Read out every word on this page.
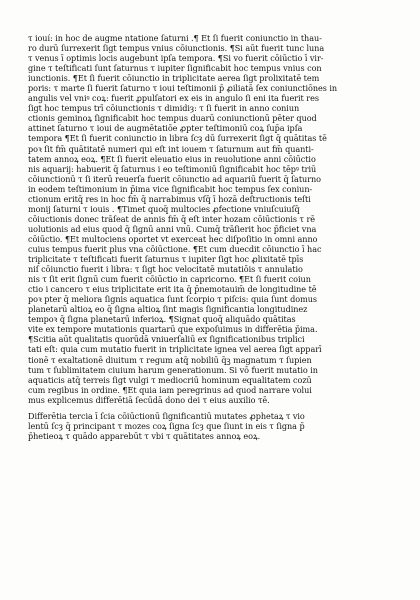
τ iouí: in hoc de augme ntatione ſaturni .¶ Et ſi fuerit coniunctio in thau-
ro durū ſurrexerit ſigt̄ tempus vnius cōiunctionis. ¶Si aūt fuerit tunc luna
τ venus ī optimis locis augebunt̄ ipſa tempora. ¶Si vo fuerit cōiūctio ī vir-
gine τ teſtificati ſunt ſaturnus τ iupiter ſignificabit hoc tempus vnius con
iunctionis. ¶Et ſi fuerit cōiunctio in triplicitate aerea ſigt̄ prolixitatē tem
poris: τ marte ſi fuerit ſaturno τ ioui teſtimonii p̄ ꝓiliatā ſex coniunctiōnes in
angulis vel vniꝰ coꝝ: fuerit ꝓpulſatori ex eis in angulo ſi eni ita fuerit res
ſigt̄ hoc tempus trī cōiunctionis τ dimidiȝ: τ ſi fuerit in anno coniun
ctionis geminoꝝ ſignificabit hoc tempus duarū coniunctionū pēter quod
attinet ſaturno τ ioui de augmētatiōe ꝓpter teſtimoniū coꝝ ſup̄a ipſa
tempora ¶Et ſi fuerit coniunctio in libra ſcȝ dū ſurrexerit ſigt̄ q̄ quātitas tē
poꝛ ſit fm̄ quātitatē numeri qui eſt int̄ iouem τ ſaturnum aut fm̄ quanti-
tatem annoꝝ eoꝝ. ¶Et ſi fuerit eleuatio eius in reuolutione anni cōiūctio
nis aquarij: habuerit q̄ ſaturnus i eo teſtimoniū ſignificabit hoc tēpꝰ triū
cōiunctionū τ ſi iterū reuerſa fuerit cōiunctio ad aquariū fuerit q̄ ſaturno
in eodem teſtimonium in p̄ima vice ſignificabit hoc tempus ſex coniun-
ctionum eritq̄ res in hoc fm̄ q̄ narrabimus vſq̄ ī hozā deſtructionis teſti
monij ſaturni τ iouis . ¶Timet quoq̄ multocies ꝓfectione vniuſcuiuſq̄
cōiuctionis donec trāſeat de annis fm̄ q̄ eſt inter hozam cōiūctionis τ rē
uolutionis ad eius quod q̄ ſignū anni vnū. Cumq̄ trāſierit hoc p̄ficiet vna
cōiūctio. ¶Et multociens oportet vt exerceat̄ hec diſpoſitio in omni anno
cuius tempus fuerit plus vna cōiūctione. ¶Et cum duecdit cōiunctio ī hac
triplicitate τ teſtificati fuerit ſaturnus τ iupiter ſigt̄ hoc ꝓlixitatē tpīs
niſ cōiunctio fuerit i libra: τ ſigt̄ hoc velocitatē mutatiōis τ annulatio
nis τ ſit erit ſignū cum fuerit cōiūctio in capricorno. ¶Et ſi fuerit coiun
ctio i cancero τ eius triplicitate erit ita q̄ p̄nemotauim̄ de longitudine tē
poꝛ pter q̄ meliora ſignis aquatica ſunt ſcorpio τ piſcis: quia ſunt domus
planetarū altioꝝ eo q̄ ſigna altioꝝ ſint magis ſignificantia longitudinez
tempoꝛ q̄ ſigna planetarū inferioꝝ. ¶Signat̄ quoq̄ aliquādo quātitas
vite ex tempore mutationis quartarū que expoſuimus in differētia p̄ima.
¶Scitia aūt qualitatis quorūdā vniuerſaliū ex ſignificationibus triplici
tati eſt: quia cum mutatio fuerit in triplicitate ignea vel aerea ſigt̄ apparī
tionē τ exaltationē diuitum τ regum atq̄ nobiliū q̄ꝫ magnatum τ ſupien
tum τ ſublimitatem ciuium harum generationum. Si vō fuerit mutatio in
aquaticis atq̄ terreis ſigt̄ vulgi τ mediocriū hominum equalitatem cozū
cum regibus in ordine. ¶Et quia iam peregrinus ad quod narrare volui
mus explicemus differētiā ſecūdā dono dei τ eius auxilio τē.
Differētia tercia ī ſcia cōiūctionū ſignificantiū mutates ꝓphetaꝝ τ vio
lentū ſcȝ q̄ principant τ mozes coꝝ ſigna ſcȝ que ſiunt in eis τ ſigna p̄
p̄hetieoꝝ τ quādo apparebūt τ vbi τ quātitates annoꝝ eoꝝ.
